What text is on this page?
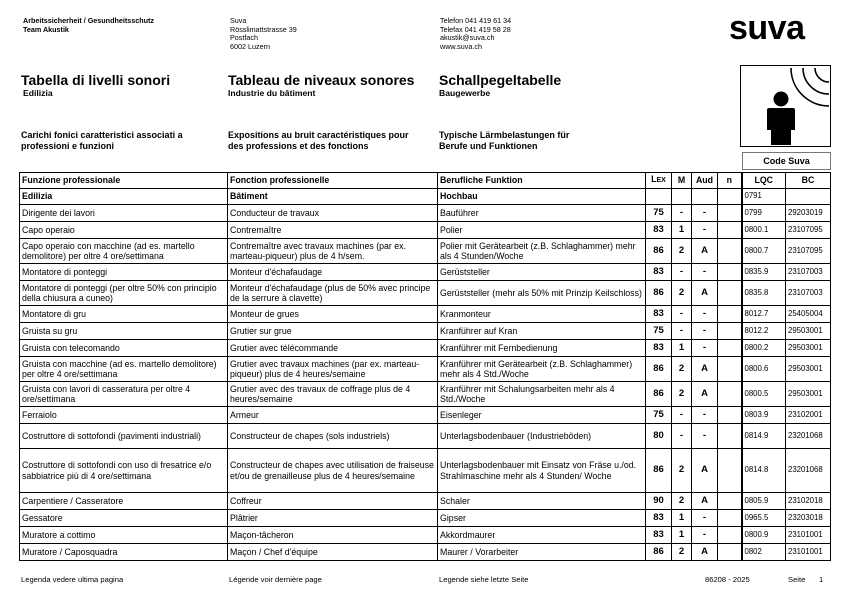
Arbeitssicherheit / Gesundheitsschutz
Team Akustik
Suva
Rösslimattstrasse 39
Postfach
6002 Luzern
Telefon 041 419 61 34
Telefax 041 419 58 28
akustik@suva.ch
www.suva.ch	suva
Tabella di livelli sonori
Edilizia
Tableau de niveaux sonores
Industrie du bâtiment
Schallpegeltabelle
Baugewerbe
Carichi fonici caratteristici associati a
professioni e funzioni
Expositions au bruit caractéristiques pour
des professions et des fonctions
Typische Lärmbelastungen für
Berufe und Funktionen
Code Suva
Funzione professionale	Fonction professionelle	Berufliche Funktion	LEX	M	Aud	n	LQC	BC
Edilizia	Bâtiment	Hochbau					0791	
Dirigente dei lavori	Conducteur de travaux	Bauführer	75	-	-		0799	29203019
Capo operaio	Contremaître	Polier	83	1	-		0800.1	23107095
Capo operaio con macchine (ad es. martello demolitore) per oltre 4 ore/settimana	Contremaître avec travaux machines (par ex. marteau-piqueur) plus de 4 h/sem.	Polier mit Gerätearbeit (z.B. Schlaghammer) mehr als 4 Stunden/Woche	86	2	A		0800.7	23107095
Montatore di ponteggi	Monteur d'échafaudage	Gerüststeller	83	-	-		0835.9	23107003
Montatore di ponteggi (per oltre 50% con principio della chiusura a cuneo)	Monteur d'échafaudage (plus de 50% avec principe de la serrure à clavette)	Gerüststeller (mehr als 50% mit Prinzip Keilschloss)	86	2	A		0835.8	23107003
Montatore di gru	Monteur de grues	Kranmonteur	83	-	-		8012.7	25405004
Gruista su gru	Grutier sur grue	Kranführer auf Kran	75	-	-		8012.2	29503001
Gruista con telecomando	Grutier avec télécommande	Kranführer mit Fernbedienung	83	1	-		0800.2	29503001
Gruista con macchine (ad es. martello demolitore) per oltre 4 ore/settimana	Grutier avec travaux machines (par ex. marteau-piqueur) plus de 4 heures/semaine	Kranführer mit Gerätearbeit (z.B. Schlaghammer) mehr als 4 Std./Woche	86	2	A		0800.6	29503001
Gruista con lavori di casseratura per oltre 4 ore/settimana	Grutier avec des travaux de coffrage plus de 4 heures/semaine	Kranführer mit Schalungsarbeiten mehr als 4 Std./Woche	86	2	A		0800.5	29503001
Ferraiolo	Armeur	Eisenleger	75	-	-		0803.9	23102001
Costruttore di sottofondi (pavimenti industriali)	Constructeur de chapes (sols industriels)	Unterlagsbodenbauer (Industrieböden)	80	-	-		0814.9	23201068
Costruttore di sottofondi con uso di fresatrice e/o sabbiatrice più di 4 ore/settimana	Constructeur de chapes avec utilisation de fraiseuse et/ou de grenailleuse plus de 4 heures/semaine	Unterlagsbodenbauer mit Einsatz von Fräse u./od. Strahlmaschine mehr als 4 Stunden/ Woche	86	2	A		0814.8	23201068
Carpentiere / Casseratore	Coffreur	Schaler	90	2	A		0805.9	23102018
Gessatore	Plâtrier	Gipser	83	1	-		0965.5	23203018
Muratore a cottimo	Maçon-tâcheron	Akkordmaurer	83	1	-		0800.9	23101001
Muratore / Caposquadra	Maçon / Chef d'équipe	Maurer / Vorarbeiter	86	2	A		0802	23101001
Legenda vedere ultima pagina	Légende voir dernière page	Legende siehe letzte Seite	86208 - 2025	Seite 1
